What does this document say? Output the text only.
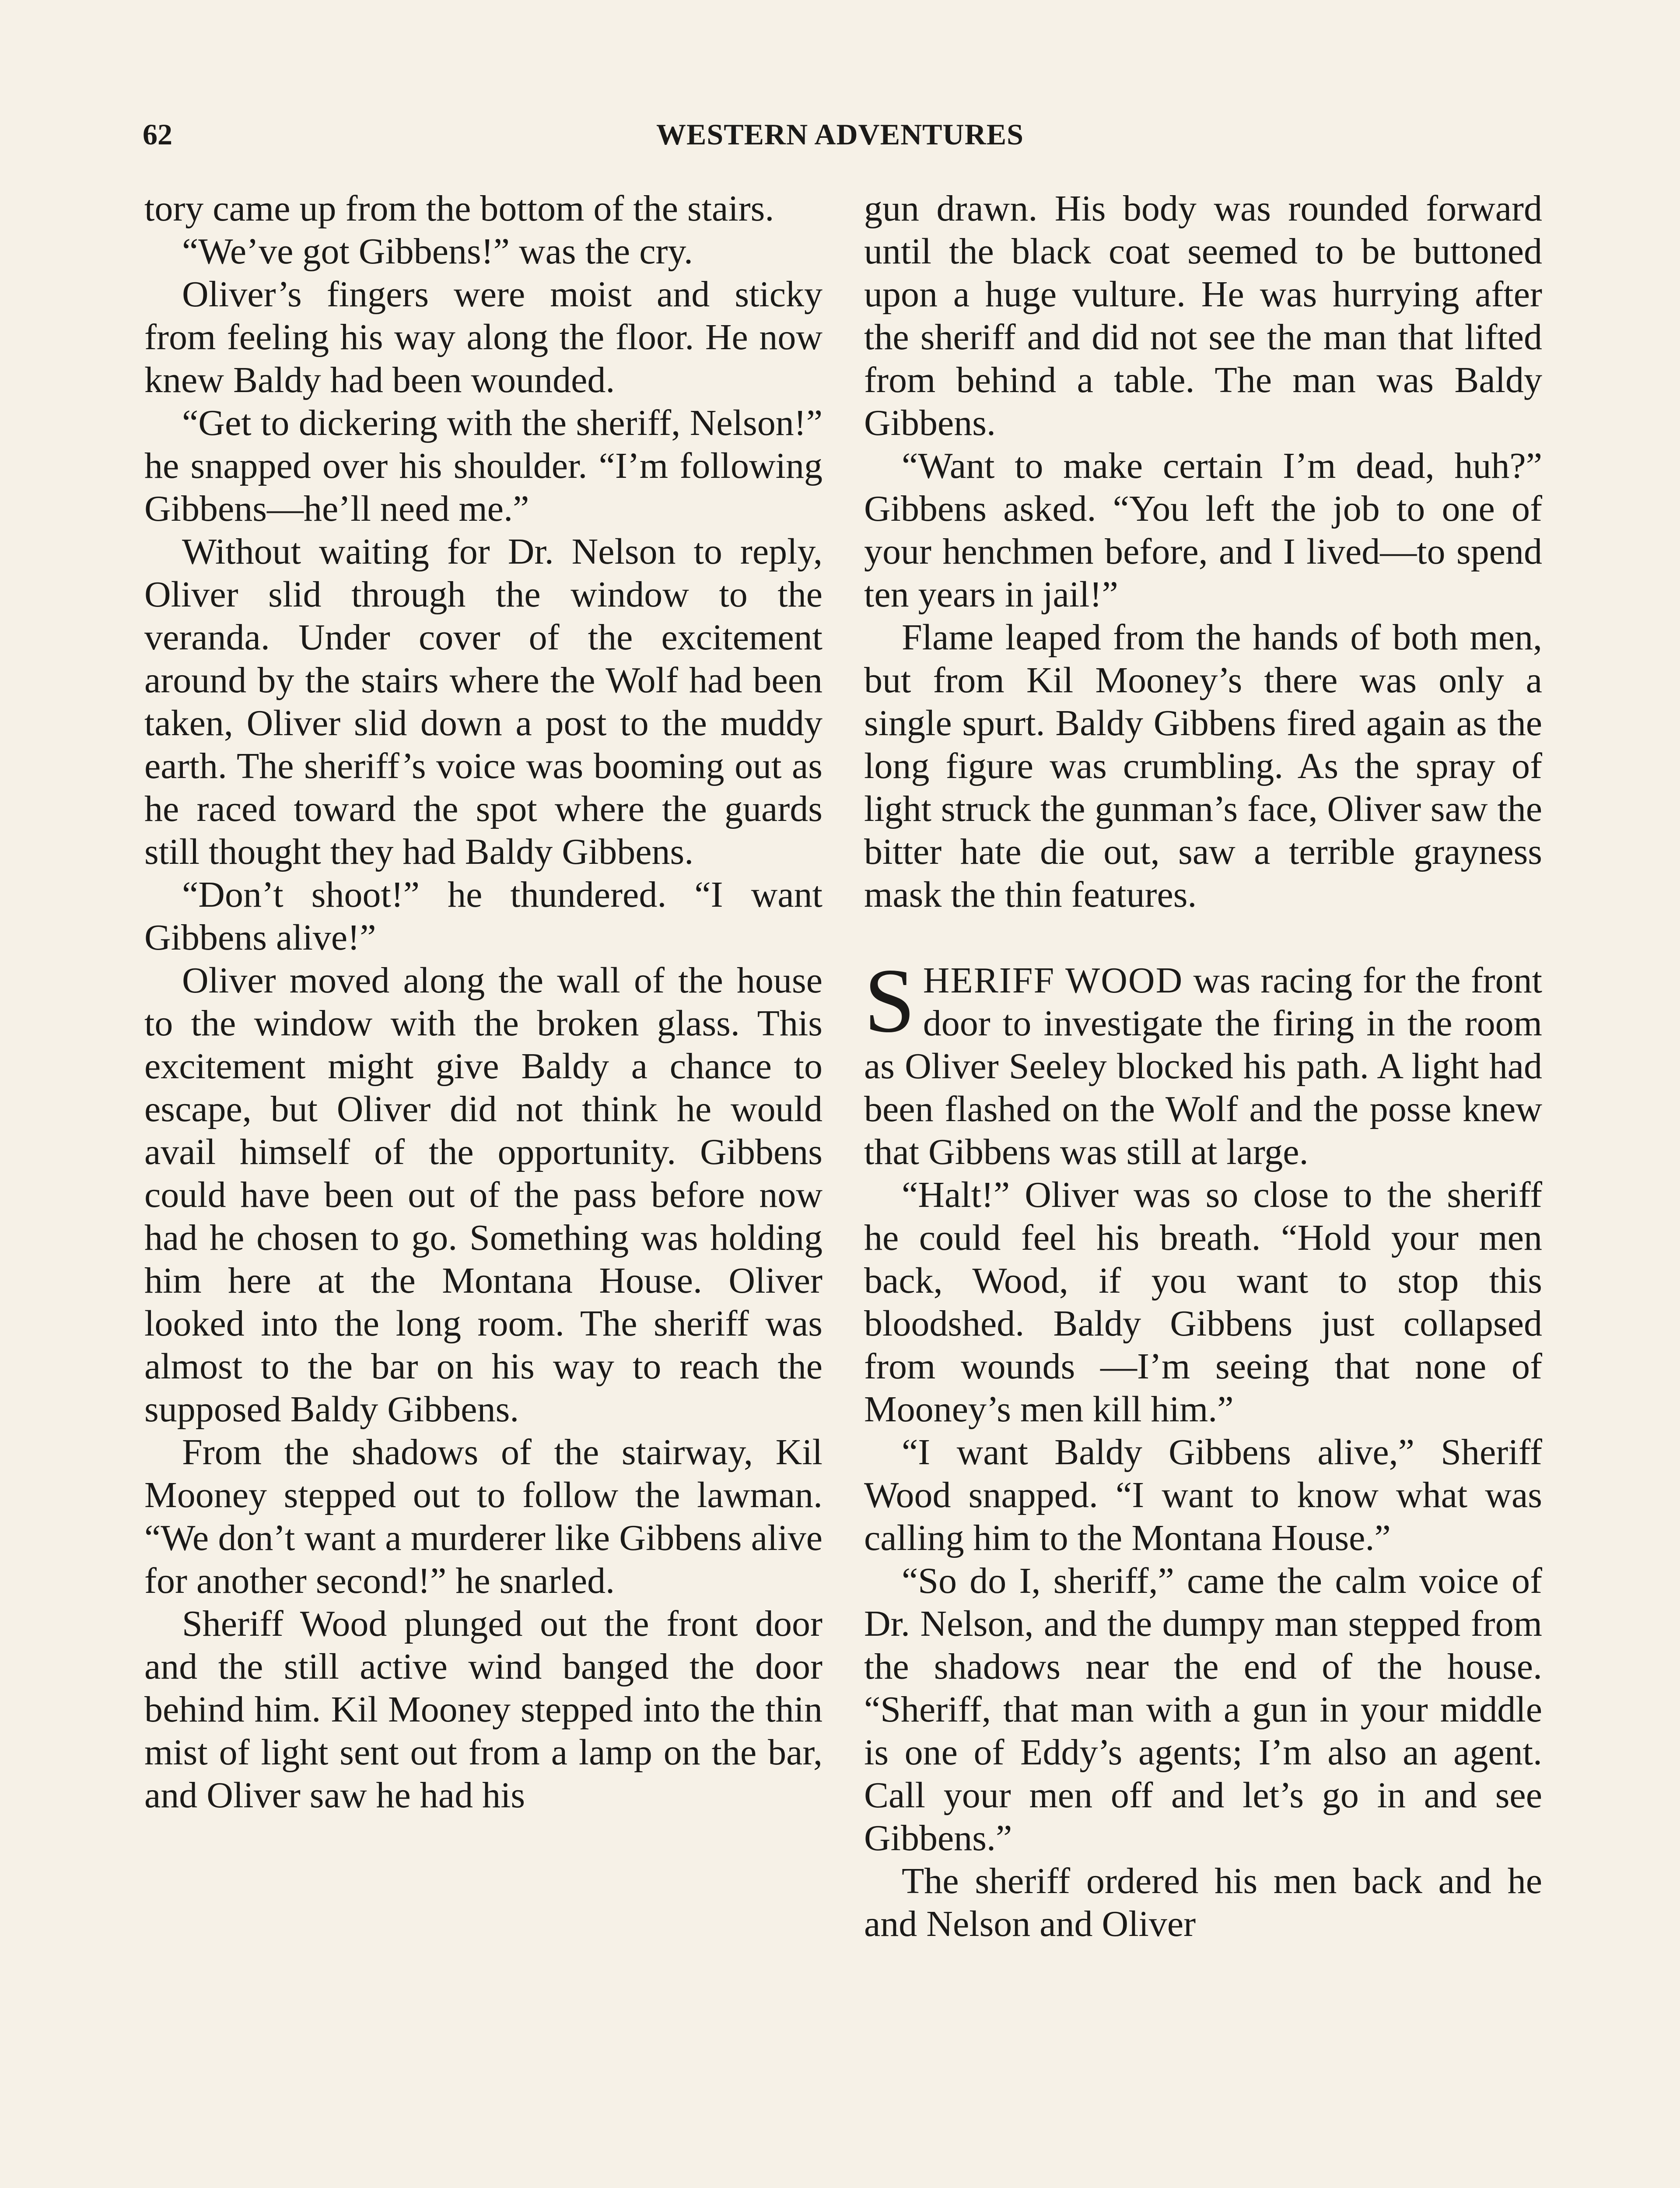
62	WESTERN ADVENTURES

tory came up from the bottom of the stairs.

“We’ve got Gibbens!” was the cry.

Oliver’s fingers were moist and sticky from feeling his way along the floor. He now knew Baldy had been wounded.

“Get to dickering with the sheriff, Nelson!” he snapped over his shoulder. “I’m following Gibbens—he’ll need me.”

Without waiting for Dr. Nelson to reply, Oliver slid through the window to the veranda. Under cover of the excitement around by the stairs where the Wolf had been taken, Oliver slid down a post to the muddy earth. The sheriff’s voice was booming out as he raced toward the spot where the guards still thought they had Baldy Gibbens.

“Don’t shoot!” he thundered. “I want Gibbens alive!”

Oliver moved along the wall of the house to the window with the broken glass. This excitement might give Baldy a chance to escape, but Oliver did not think he would avail himself of the opportunity. Gibbens could have been out of the pass before now had he chosen to go. Something was holding him here at the Montana House. Oliver looked into the long room. The sheriff was almost to the bar on his way to reach the supposed Baldy Gibbens.

From the shadows of the stairway, Kil Mooney stepped out to follow the lawman. “We don’t want a murderer like Gibbens alive for another second!” he snarled.

Sheriff Wood plunged out the front door and the still active wind banged the door behind him. Kil Mooney stepped into the thin mist of light sent out from a lamp on the bar, and Oliver saw he had his

gun drawn. His body was rounded forward until the black coat seemed to be buttoned upon a huge vulture. He was hurrying after the sheriff and did not see the man that lifted from behind a table. The man was Baldy Gibbens.

“Want to make certain I’m dead, huh?” Gibbens asked. “You left the job to one of your henchmen before, and I lived—to spend ten years in jail!”

Flame leaped from the hands of both men, but from Kil Mooney’s there was only a single spurt. Baldy Gibbens fired again as the long figure was crumbling. As the spray of light struck the gunman’s face, Oliver saw the bitter hate die out, saw a terrible grayness mask the thin features.

SHERIFF WOOD was racing for the front door to investigate the firing in the room as Oliver Seeley blocked his path. A light had been flashed on the Wolf and the posse knew that Gibbens was still at large.

“Halt!” Oliver was so close to the sheriff he could feel his breath. “Hold your men back, Wood, if you want to stop this bloodshed. Baldy Gibbens just collapsed from wounds —I’m seeing that none of Mooney’s men kill him.”

“I want Baldy Gibbens alive,” Sheriff Wood snapped. “I want to know what was calling him to the Montana House.”

“So do I, sheriff,” came the calm voice of Dr. Nelson, and the dumpy man stepped from the shadows near the end of the house. “Sheriff, that man with a gun in your middle is one of Eddy’s agents; I’m also an agent. Call your men off and let’s go in and see Gibbens.”

The sheriff ordered his men back and he and Nelson and Oliver
